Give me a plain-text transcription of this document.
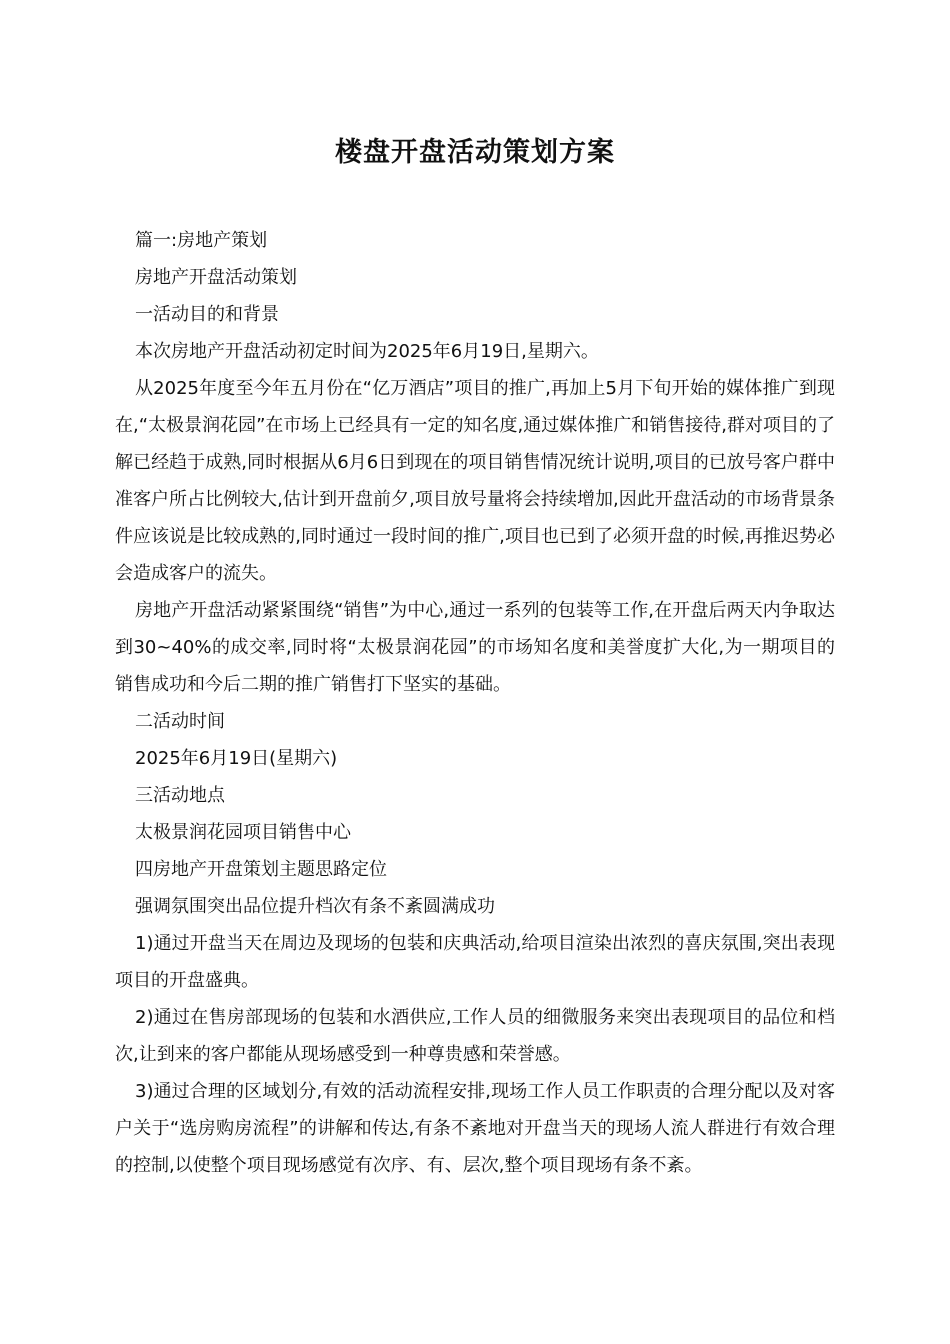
楼盘开盘活动策划方案

篇一:房地产策划

房地产开盘活动策划

一活动目的和背景

本次房地产开盘活动初定时间为2025年6月19日,星期六。

从2025年度至今年五月份在“亿万酒店”项目的推广,再加上5月下旬开始的媒体推广到现在,“太极景润花园”在市场上已经具有一定的知名度,通过媒体推广和销售接待,群对项目的了解已经趋于成熟,同时根据从6月6日到现在的项目销售情况统计说明,项目的已放号客户群中准客户所占比例较大,估计到开盘前夕,项目放号量将会持续增加,因此开盘活动的市场背景条件应该说是比较成熟的,同时通过一段时间的推广,项目也已到了必须开盘的时候,再推迟势必会造成客户的流失。

房地产开盘活动紧紧围绕“销售”为中心,通过一系列的包装等工作,在开盘后两天内争取达到30~40%的成交率,同时将“太极景润花园”的市场知名度和美誉度扩大化,为一期项目的销售成功和今后二期的推广销售打下坚实的基础。

二活动时间

2025年6月19日(星期六)

三活动地点

太极景润花园项目销售中心

四房地产开盘策划主题思路定位

强调氛围突出品位提升档次有条不紊圆满成功

1)通过开盘当天在周边及现场的包装和庆典活动,给项目渲染出浓烈的喜庆氛围,突出表现项目的开盘盛典。

2)通过在售房部现场的包装和水酒供应,工作人员的细微服务来突出表现项目的品位和档次,让到来的客户都能从现场感受到一种尊贵感和荣誉感。

3)通过合理的区域划分,有效的活动流程安排,现场工作人员工作职责的合理分配以及对客户关于“选房购房流程”的讲解和传达,有条不紊地对开盘当天的现场人流人群进行有效合理的控制,以使整个项目现场感觉有次序、有、层次,整个项目现场有条不紊。
